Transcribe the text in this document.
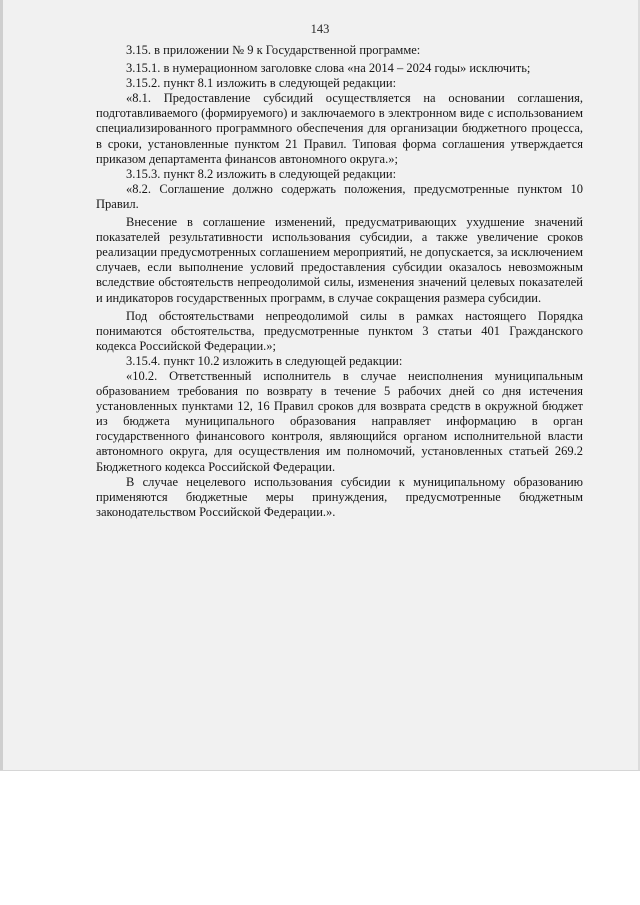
143

3.15. в приложении № 9 к Государственной программе:

3.15.1. в нумерационном заголовке слова «на 2014 – 2024 годы» исключить;

3.15.2. пункт 8.1 изложить в следующей редакции:

«8.1. Предоставление субсидий осуществляется на основании соглашения, подготавливаемого (формируемого) и заключаемого в электронном виде с использованием специализированного программного обеспечения для организации бюджетного процесса, в сроки, установленные пунктом 21 Правил. Типовая форма соглашения утверждается приказом департамента финансов автономного округа.»;

3.15.3. пункт 8.2 изложить в следующей редакции:

«8.2. Соглашение должно содержать положения, предусмотренные пунктом 10 Правил.

Внесение в соглашение изменений, предусматривающих ухудшение значений показателей результативности использования субсидии, а также увеличение сроков реализации предусмотренных соглашением мероприятий, не допускается, за исключением случаев, если выполнение условий предоставления субсидии оказалось невозможным вследствие обстоятельств непреодолимой силы, изменения значений целевых показателей и индикаторов государственных программ, в случае сокращения размера субсидии.

Под обстоятельствами непреодолимой силы в рамках настоящего Порядка понимаются обстоятельства, предусмотренные пунктом 3 статьи 401 Гражданского кодекса Российской Федерации.»;

3.15.4. пункт 10.2 изложить в следующей редакции:

«10.2. Ответственный исполнитель в случае неисполнения муниципальным образованием требования по возврату в течение 5 рабочих дней со дня истечения установленных пунктами 12, 16 Правил сроков для возврата средств в окружной бюджет из бюджета муниципального образования направляет информацию в орган государственного финансового контроля, являющийся органом исполнительной власти автономного округа, для осуществления им полномочий, установленных статьей 269.2 Бюджетного кодекса Российской Федерации.

В случае нецелевого использования субсидии к муниципальному образованию применяются бюджетные меры принуждения, предусмотренные бюджетным законодательством Российской Федерации.».
